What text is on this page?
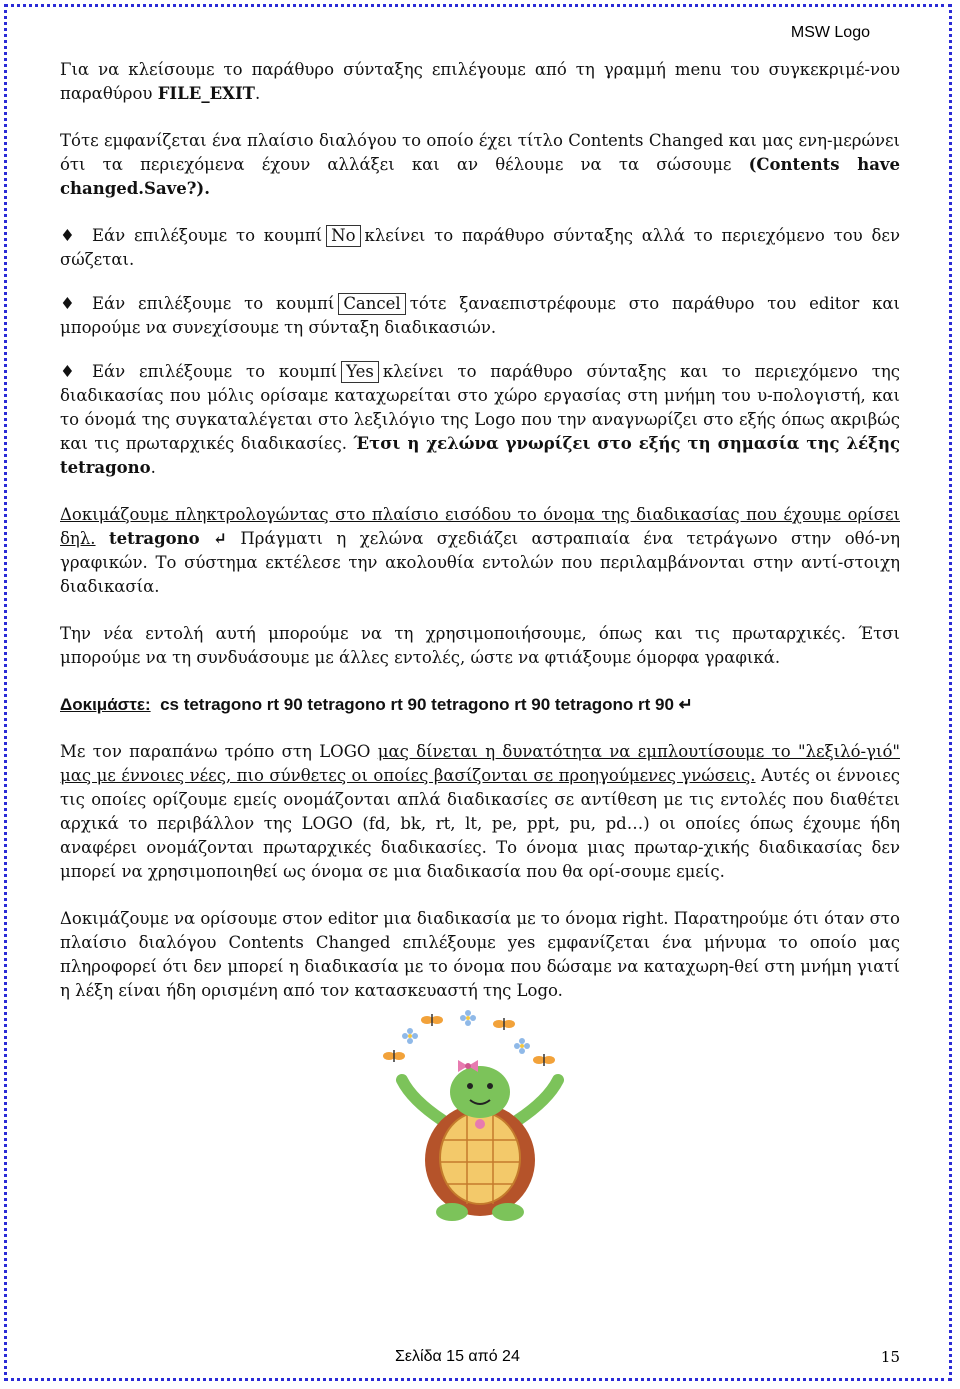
MSW Logo

Για να κλείσουμε το παράθυρο σύνταξης επιλέγουμε από τη γραμμή menu του συγκεκριμέ-νου παραθύρου FILE_EXIT.

Τότε εμφανίζεται ένα πλαίσιο διαλόγου το οποίο έχει τίτλο Contents Changed και μας ενη-μερώνει ότι τα περιεχόμενα έχουν αλλάξει και αν θέλουμε να τα σώσουμε (Contents have changed.Save?).

♦ Εάν επιλέξουμε το κουμπί No κλείνει το παράθυρο σύνταξης αλλά το περιεχόμενο του δεν σώζεται.

♦ Εάν επιλέξουμε το κουμπί Cancel τότε ξαναεπιστρέφουμε στο παράθυρο του editor και μπορούμε να συνεχίσουμε τη σύνταξη διαδικασιών.

♦ Εάν επιλέξουμε το κουμπί Yes κλείνει το παράθυρο σύνταξης και το περιεχόμενο της διαδικασίας που μόλις ορίσαμε καταχωρείται στο χώρο εργασίας στη μνήμη του υ-πολογιστή, και το όνομά της συγκαταλέγεται στο λεξιλόγιο της Logo που την αναγνωρίζει στο εξής όπως ακριβώς και τις πρωταρχικές διαδικασίες. Έτσι η χελώνα γνωρίζει στο εξής τη σημασία της λέξης tetragono.

Δοκιμάζουμε πληκτρολογώντας στο πλαίσιο εισόδου το όνομα της διαδικασίας που έχουμε ορίσει δηλ. tetragono ↵ Πράγματι η χελώνα σχεδιάζει αστραπιαία ένα τετράγωνο στην οθό-νη γραφικών. Το σύστημα εκτέλεσε την ακολουθία εντολών που περιλαμβάνονται στην αντί-στοιχη διαδικασία.

Την νέα εντολή αυτή μπορούμε να τη χρησιμοποιήσουμε, όπως και τις πρωταρχικές. Έτσι μπορούμε να τη συνδυάσουμε με άλλες εντολές, ώστε να φτιάξουμε όμορφα γραφικά.

Δοκιμάστε: cs tetragono rt 90 tetragono rt 90 tetragono rt 90 tetragono rt 90 ↵

Με τον παραπάνω τρόπο στη LOGO μας δίνεται η δυνατότητα να εμπλουτίσουμε το "λεξιλό-γιό" μας με έννοιες νέες, πιο σύνθετες οι οποίες βασίζονται σε προηγούμενες γνώσεις. Αυτές οι έννοιες τις οποίες ορίζουμε εμείς ονομάζονται απλά διαδικασίες σε αντίθεση με τις εντολές που διαθέτει αρχικά το περιβάλλον της LOGO (fd, bk, rt, lt, pe, ppt, pu, pd…) οι οποίες όπως έχουμε ήδη αναφέρει ονομάζονται πρωταρχικές διαδικασίες. Το όνομα μιας πρωταρ-χικής διαδικασίας δεν μπορεί να χρησιμοποιηθεί ως όνομα σε μια διαδικασία που θα ορί-σουμε εμείς.

Δοκιμάζουμε να ορίσουμε στον editor μια διαδικασία με το όνομα right. Παρατηρούμε ότι όταν στο πλαίσιο διαλόγου Contents Changed επιλέξουμε yes εμφανίζεται ένα μήνυμα το οποίο μας πληροφορεί ότι δεν μπορεί η διαδικασία με το όνομα που δώσαμε να καταχωρη-θεί στη μνήμη γιατί η λέξη είναι ήδη ορισμένη από τον κατασκευαστή της Logo.

Σελίδα 15 από 24	15
